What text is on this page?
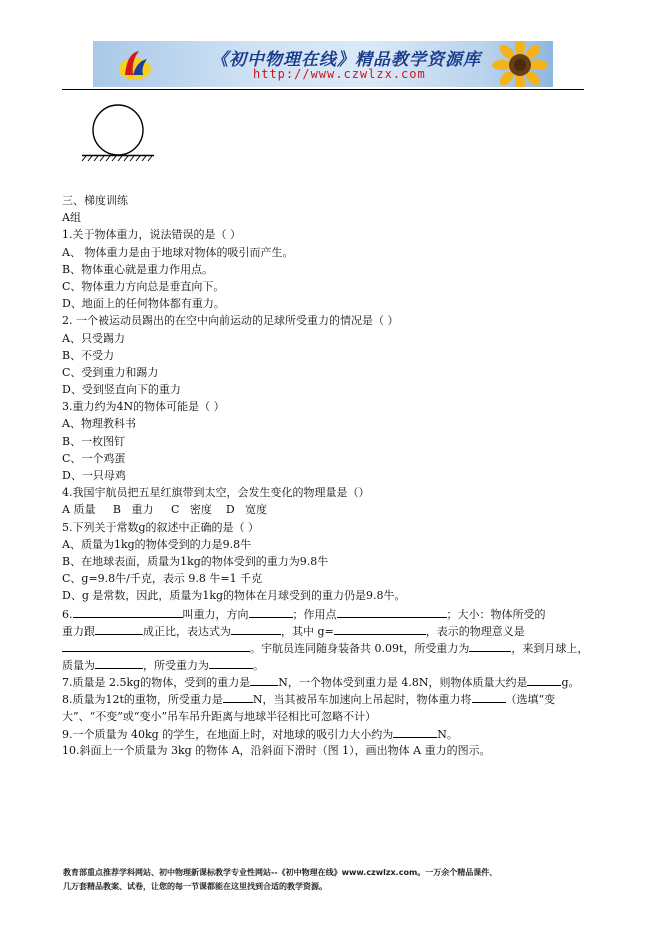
《初中物理在线》精品教学资源库
http://www.czwlzx.com
三、梯度训练
A组
1.关于物体重力，说法错误的是（ ）
A、 物体重力是由于地球对物体的吸引而产生。
B、物体重心就是重力作用点。
C、物体重力方向总是垂直向下。
D、地面上的任何物体都有重力。
2. 一个被运动员踢出的在空中向前运动的足球所受重力的情况是（ ）
A、只受踢力
B、不受力
C、受到重力和踢力
D、受到竖直向下的重力
3.重力约为4N的物体可能是（ ）
A、物理教科书
B、一枚图钉
C、一个鸡蛋
D、一只母鸡
4.我国宇航员把五星红旗带到太空，会发生变化的物理量是（）
A 质量     B   重力     C   密度    D   宽度
5.下列关于常数g的叙述中正确的是（ ）
A、质量为1kg的物体受到的力是9.8牛
B、在地球表面，质量为1kg的物体受到的重力为9.8牛
C、g=9.8牛/千克，表示 9.8 牛=1 千克
D、g 是常数，因此，质量为1kg的物体在月球受到的重力仍是9.8牛。
6.	叫重力，方向	；作用点	；大小：物体所受的
重力跟	成正比，表达式为	，其中 g=	，表示的物理意义是
。宇航员连同随身装备共 0.09t，所受重力为	，来到月球上，
质量为	，所受重力为	。
7.质量是 2.5kg的物体，受到的重力是	N，一个物体受到重力是 4.8N，则物体质量大约是	g。
8.质量为12t的重物，所受重力是	N，当其被吊车加速向上吊起时，物体重力将	（选填“变
大”、“不变”或“变小”吊车吊升距离与地球半径相比可忽略不计）
9.一个质量为 40kg 的学生，在地面上时，对地球的吸引力大小约为	N。
10.斜面上一个质量为 3kg 的物体 A，沿斜面下滑时（图 1），画出物体 A 重力的图示。
教育部重点推荐学科网站、初中物理新课标教学专业性网站--《初中物理在线》www.czwlzx.com。一万余个精品课件、
几万套精品教案、试卷，让您的每一节课都能在这里找到合适的教学资源。
